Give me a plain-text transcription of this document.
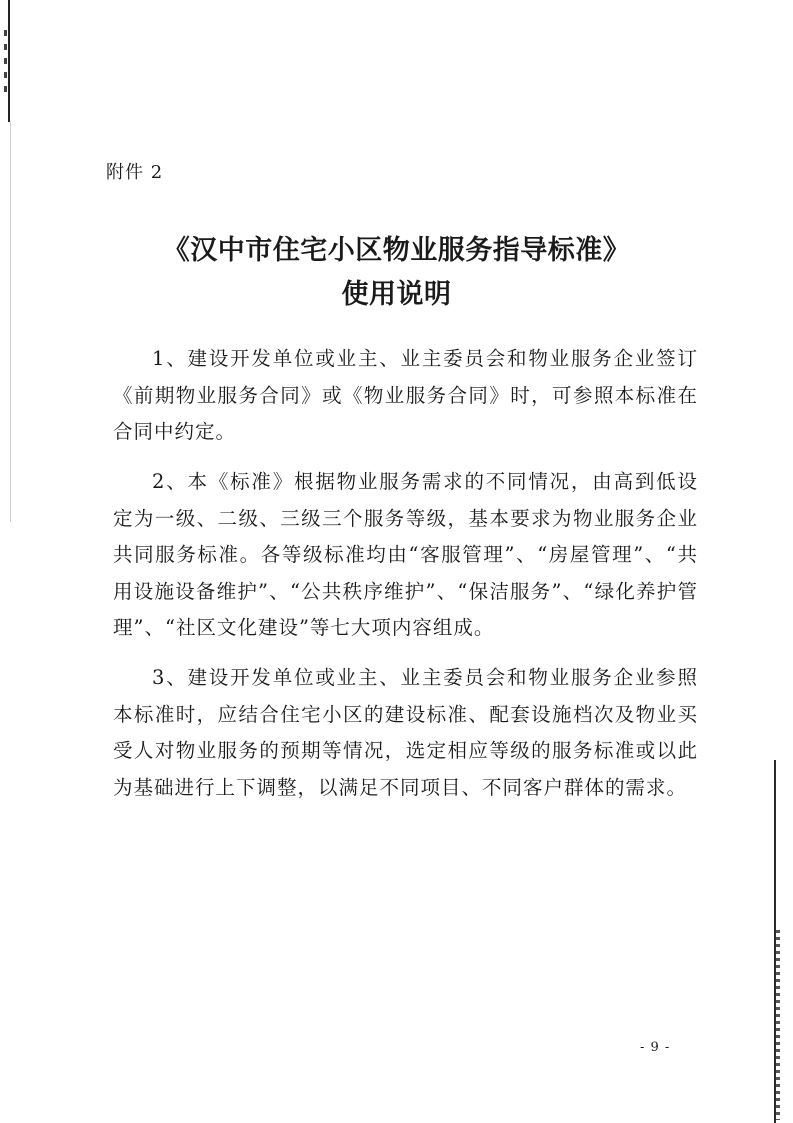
附件 2
《汉中市住宅小区物业服务指导标准》
使用说明

1、建设开发单位或业主、业主委员会和物业服务企业签订《前期物业服务合同》或《物业服务合同》时，可参照本标准在合同中约定。

2、本《标准》根据物业服务需求的不同情况，由高到低设定为一级、二级、三级三个服务等级，基本要求为物业服务企业共同服务标准。各等级标准均由“客服管理”、“房屋管理”、“共用设施设备维护”、“公共秩序维护”、“保洁服务”、“绿化养护管理”、“社区文化建设”等七大项内容组成。

3、建设开发单位或业主、业主委员会和物业服务企业参照本标准时，应结合住宅小区的建设标准、配套设施档次及物业买受人对物业服务的预期等情况，选定相应等级的服务标准或以此为基础进行上下调整，以满足不同项目、不同客户群体的需求。

- 9 -
